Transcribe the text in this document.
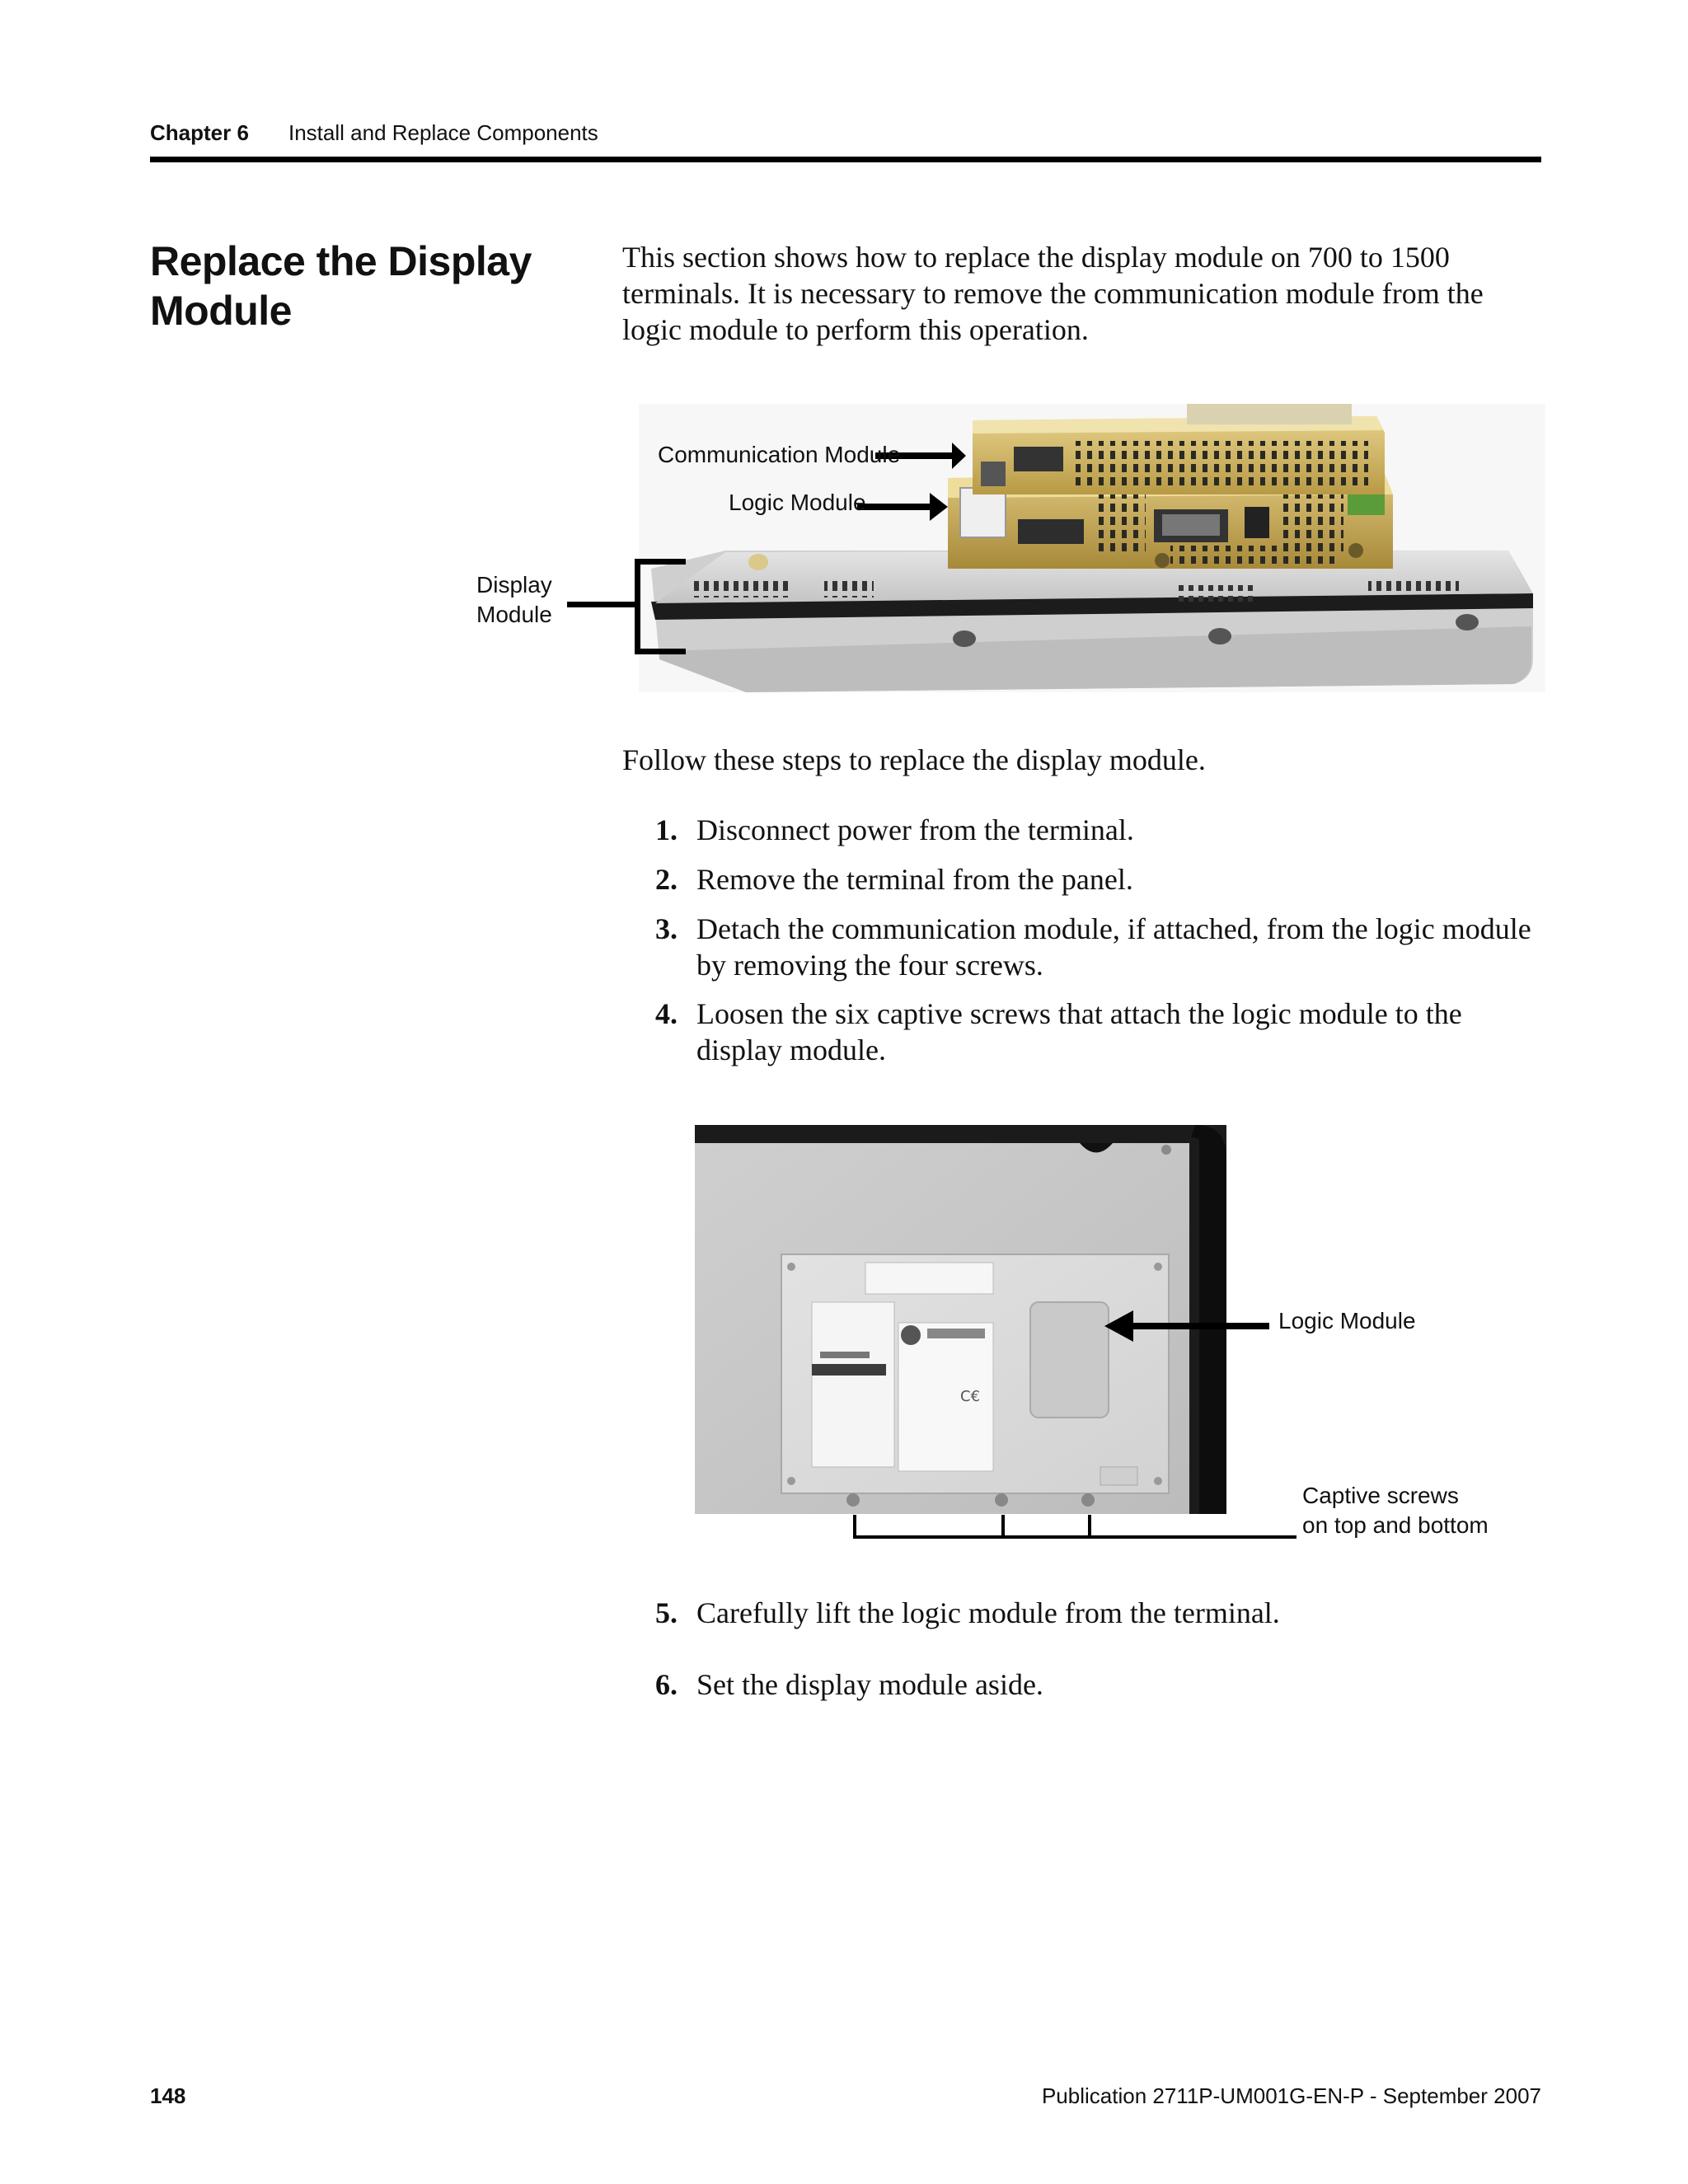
Chapter 6 Install and Replace Components
Replace the Display Module
This section shows how to replace the display module on 700 to 1500 terminals. It is necessary to remove the communication module from the logic module to perform this operation.
Communication Module
Logic Module
Display
Module
Follow these steps to replace the display module.
1. Disconnect power from the terminal.
2. Remove the terminal from the panel.
3. Detach the communication module, if attached, from the logic module by removing the four screws.
4. Loosen the six captive screws that attach the logic module to the display module.
C€
Logic Module
Captive screws
on top and bottom
5. Carefully lift the logic module from the terminal.
6. Set the display module aside.
148	Publication 2711P-UM001G-EN-P - September 2007
